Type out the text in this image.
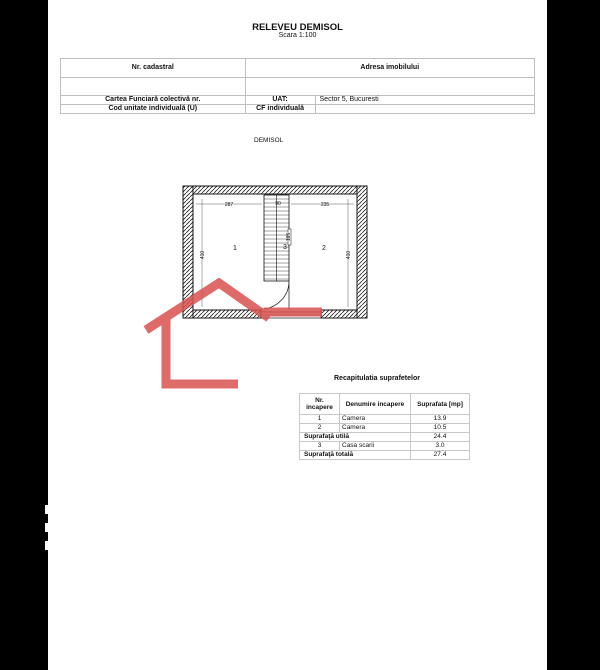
RELEVEU DEMISOL
Scara 1:100
Nr. cadastral	Adresa imobilului	

Cartea Funciară colectivă nr.	UAT:	Sector 5, Bucuresti
Cod unitate individuală (U)	CF individuală	
DEMISOL
287	235
90
410	410
185
3
1	2
Recapitulatia suprafetelor
Nr. incapere	Denumire incapere	Suprafata [mp]
1	Camera	13.9
2	Camera	10.5
Suprafaţă utilă		24.4
3	Casa scarii	3.0
Suprafaţă totală		27.4
